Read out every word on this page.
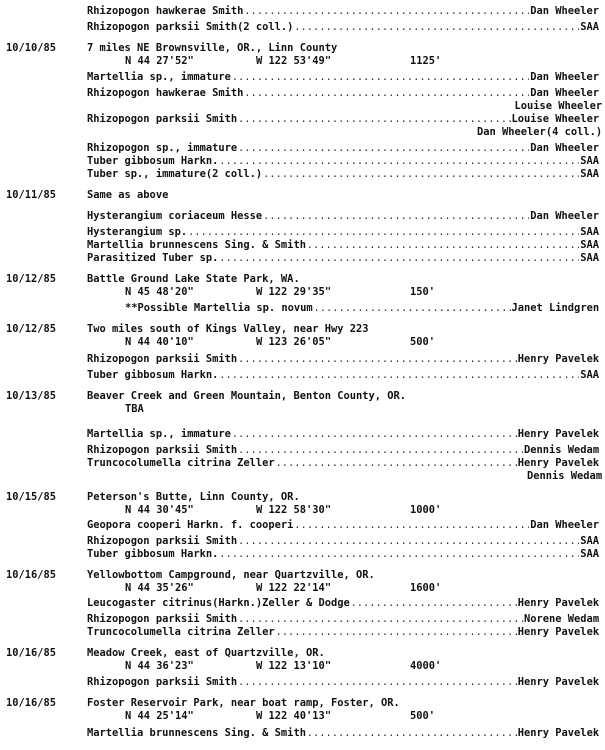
Rhizopogon hawkerae Smith .....	Dan Wheeler
Rhizopogon parksii Smith(2 coll.) .....	SAA
10/10/85	7 miles NE Brownsville, OR., Linn County
N 44 27'52"	W 122 53'49"	1125'
Martellia sp., immature .....	Dan Wheeler
Rhizopogon hawkerae Smith .....	Dan Wheeler
Louise Wheeler
Rhizopogon parksii Smith .....	Louise Wheeler
Dan Wheeler(4 coll.)
Rhizopogon sp., immature .....	Dan Wheeler
Tuber gibbosum Harkn. .....	SAA
Tuber sp., immature(2 coll.) .....	SAA
10/11/85	Same as above
Hysterangium coriaceum Hesse .....	Dan Wheeler
Hysterangium sp. .....	SAA
Martellia brunnescens Sing. & Smith .....	SAA
Parasitized Tuber sp. .....	SAA
10/12/85	Battle Ground Lake State Park, WA.
N 45 48'20"	W 122 29'35"	150'
**Possible Martellia sp. novum .....	Janet Lindgren
10/12/85	Two miles south of Kings Valley, near Hwy 223
N 44 40'10"	W 123 26'05"	500'
Rhizopogon parksii Smith .....	Henry Pavelek
Tuber gibbosum Harkn. .....	SAA
10/13/85	Beaver Creek and Green Mountain, Benton County, OR.
TBA
Martellia sp., immature .....	Henry Pavelek
Rhizopogon parksii Smith .....	Dennis Wedam
Truncocolumella citrina Zeller .....	Henry Pavelek
Dennis Wedam
10/15/85	Peterson's Butte, Linn County, OR.
N 44 30'45"	W 122 58'30"	1000'
Geopora cooperi Harkn. f. cooperi .....	Dan Wheeler
Rhizopogon parksii Smith .....	SAA
Tuber gibbosum Harkn. .....	SAA
10/16/85	Yellowbottom Campground, near Quartzville, OR.
N 44 35'26"	W 122 22'14"	1600'
Leucogaster citrinus(Harkn.)Zeller & Dodge .....	Henry Pavelek
Rhizopogon parksii Smith .....	Norene Wedam
Truncocolumella citrina Zeller .....	Henry Pavelek
10/16/85	Meadow Creek, east of Quartzville, OR.
N 44 36'23"	W 122 13'10"	4000'
Rhizopogon parksii Smith .....	Henry Pavelek
10/16/85	Foster Reservoir Park, near boat ramp, Foster, OR.
N 44 25'14"	W 122 40'13"	500'
Martellia brunnescens Sing. & Smith .....	Henry Pavelek
